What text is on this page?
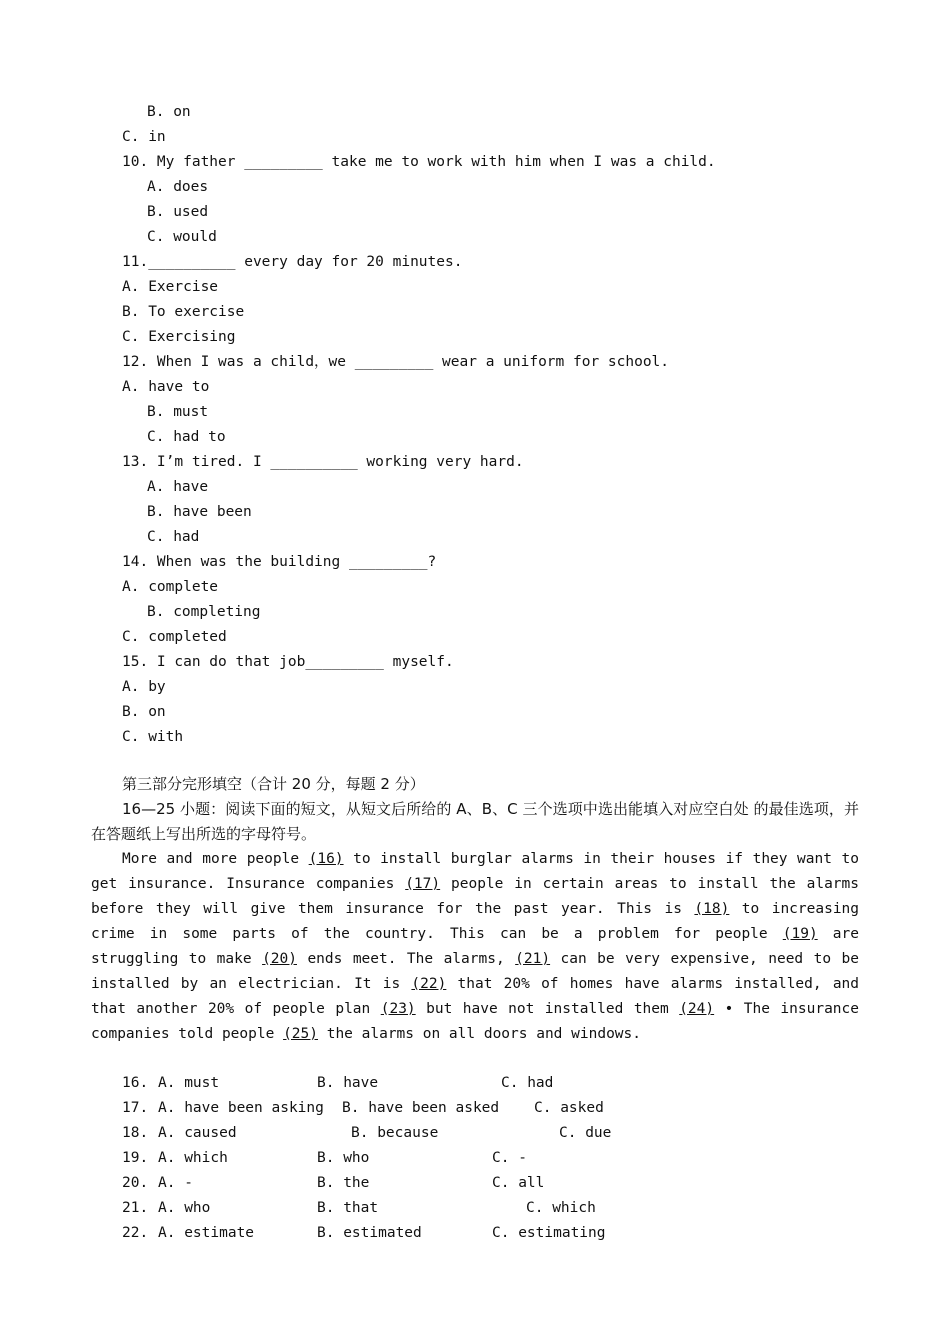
B. on
C. in
10. My father _________ take me to work with him when I was a child.
A. does
B. used
C. would
11.__________ every day for 20 minutes.
A. Exercise
B. To exercise
C. Exercising
12. When I was a child，we _________ wear a uniform for school.
A. have to
B. must
C. had to
13. I’m tired. I __________ working very hard.
A. have
B. have been
C. had
14. When was the building _________?
A. complete
B. completing
C. completed
15. I can do that job_________ myself.
A. by
B. on
C. with
第三部分完形填空（合计 20 分，每题 2 分）
16—25 小题：阅读下面的短文，从短文后所给的 A、B、C 三个选项中选出能填入对应空白处 的最佳选项，并在答题纸上写出所选的字母符号。
More and more people (16) to install burglar alarms in their houses if they want to get insurance. Insurance companies (17) people in certain areas to install the alarms before they will give them insurance for the past year. This is (18) to increasing crime in some parts of the country. This can be a problem for people (19) are struggling to make (20) ends meet. The alarms, (21) can be very expensive, need to be installed by an electrician. It is (22) that 20% of homes have alarms installed, and that another 20% of people plan (23) but have not installed them (24) • The insurance companies told people (25) the alarms on all doors and windows.
16. A. must	B. have	C. had
17. A. have been asking B. have been asked C. asked
18. A. caused	B. because	C. due
19. A. which	B. who	C. -
20. A. -	B. the	C. all
21. A. who	B. that	C. which
22. A. estimate	B. estimated	C. estimating
